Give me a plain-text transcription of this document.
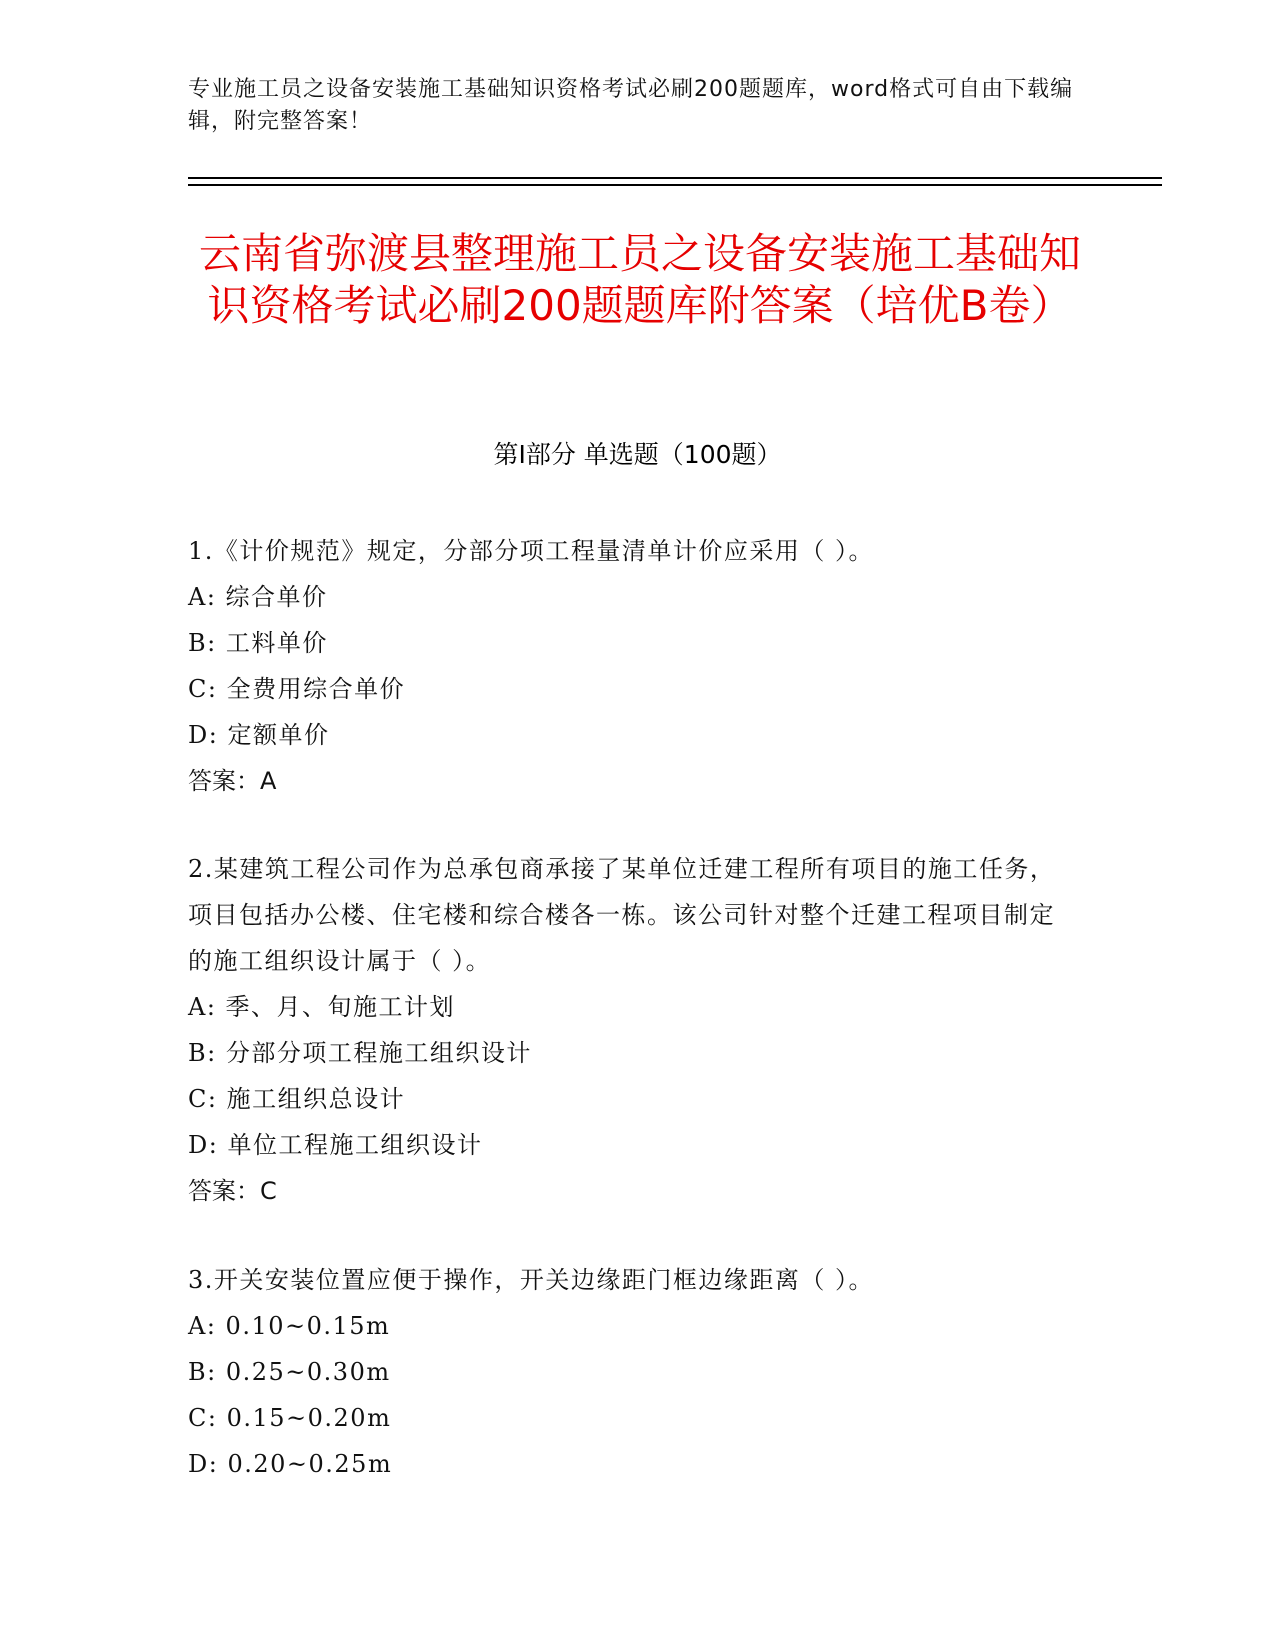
专业施工员之设备安装施工基础知识资格考试必刷200题题库，word格式可自由下载编辑，附完整答案！
云南省弥渡县整理施工员之设备安装施工基础知识资格考试必刷200题题库附答案（培优B卷）
第Ⅰ部分 单选题（100题）
1.《计价规范》规定，分部分项工程量清单计价应采用（ ）。
A: 综合单价
B: 工料单价
C: 全费用综合单价
D: 定额单价
答案：A
2.某建筑工程公司作为总承包商承接了某单位迁建工程所有项目的施工任务，项目包括办公楼、住宅楼和综合楼各一栋。该公司针对整个迁建工程项目制定的施工组织设计属于（ ）。
A: 季、月、旬施工计划
B: 分部分项工程施工组织设计
C: 施工组织总设计
D: 单位工程施工组织设计
答案：C
3.开关安装位置应便于操作，开关边缘距门框边缘距离（ ）。
A: 0.10~0.15m
B: 0.25~0.30m
C: 0.15~0.20m
D: 0.20~0.25m
